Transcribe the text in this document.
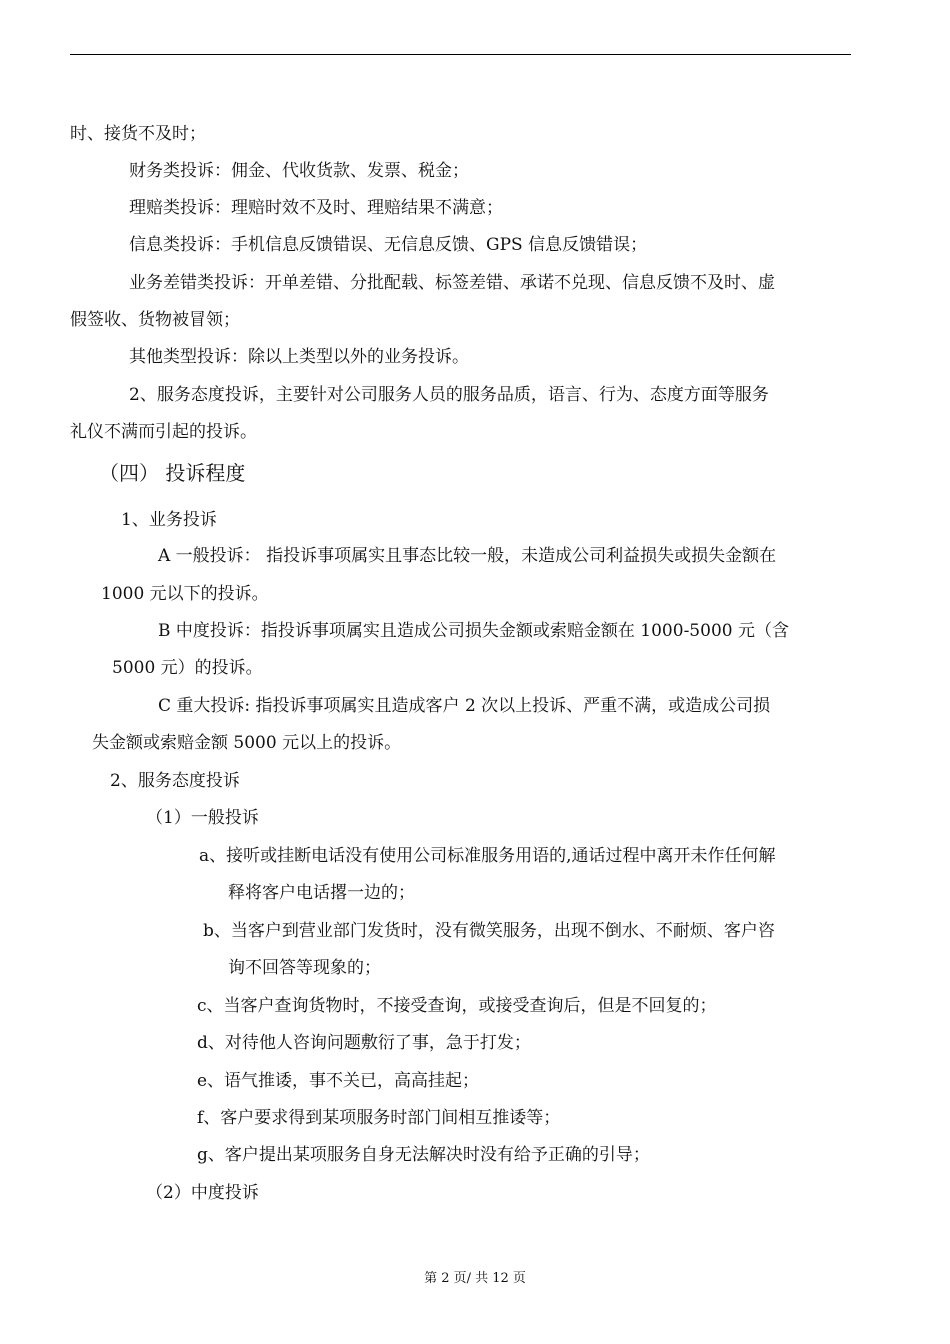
时、接货不及时；
财务类投诉：佣金、代收货款、发票、税金；
理赔类投诉：理赔时效不及时、理赔结果不满意；
信息类投诉：手机信息反馈错误、无信息反馈、GPS 信息反馈错误；
业务差错类投诉：开单差错、分批配载、标签差错、承诺不兑现、信息反馈不及时、虚
假签收、货物被冒领；
其他类型投诉：除以上类型以外的业务投诉。
2、服务态度投诉，主要针对公司服务人员的服务品质，语言、行为、态度方面等服务
礼仪不满而引起的投诉。
（四） 投诉程度
1、业务投诉
A 一般投诉： 指投诉事项属实且事态比较一般，未造成公司利益损失或损失金额在
1000 元以下的投诉。
B 中度投诉：指投诉事项属实且造成公司损失金额或索赔金额在 1000-5000 元（含
5000 元）的投诉。
C 重大投诉: 指投诉事项属实且造成客户 2 次以上投诉、严重不满，或造成公司损
失金额或索赔金额 5000 元以上的投诉。
2、服务态度投诉
（1）一般投诉
a、接听或挂断电话没有使用公司标准服务用语的,通话过程中离开未作任何解
释将客户电话撂一边的；
b、当客户到营业部门发货时，没有微笑服务，出现不倒水、不耐烦、客户咨
询不回答等现象的；
c、当客户查询货物时，不接受查询，或接受查询后，但是不回复的；
d、对待他人咨询问题敷衍了事，急于打发；
e、语气推诿，事不关已，高高挂起；
f、客户要求得到某项服务时部门间相互推诿等；
g、客户提出某项服务自身无法解决时没有给予正确的引导；
（2）中度投诉
第 2 页/ 共 12 页
